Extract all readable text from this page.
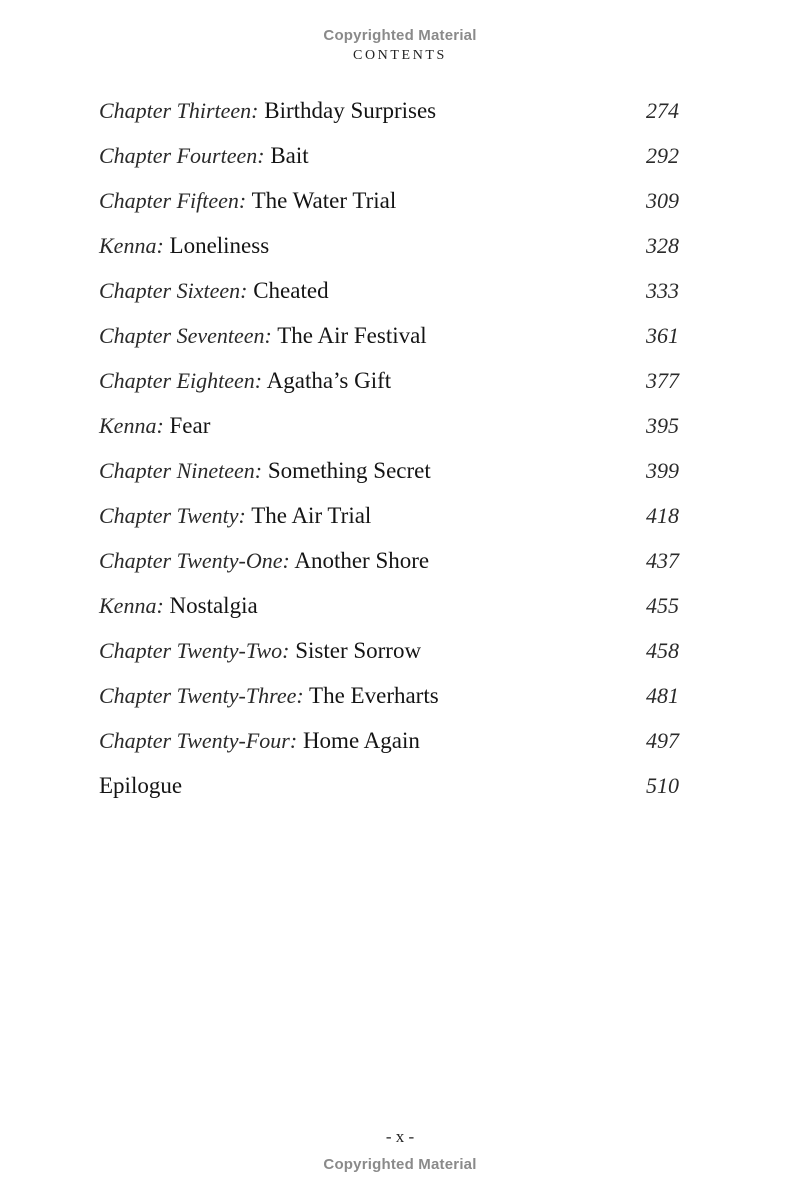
Copyrighted Material
CONTENTS
Chapter Thirteen: Birthday Surprises	274
Chapter Fourteen: Bait	292
Chapter Fifteen: The Water Trial	309
Kenna: Loneliness	328
Chapter Sixteen: Cheated	333
Chapter Seventeen: The Air Festival	361
Chapter Eighteen: Agatha’s Gift	377
Kenna: Fear	395
Chapter Nineteen: Something Secret	399
Chapter Twenty: The Air Trial	418
Chapter Twenty-One: Another Shore	437
Kenna: Nostalgia	455
Chapter Twenty-Two: Sister Sorrow	458
Chapter Twenty-Three: The Everharts	481
Chapter Twenty-Four: Home Again	497
Epilogue	510
- x -
Copyrighted Material
